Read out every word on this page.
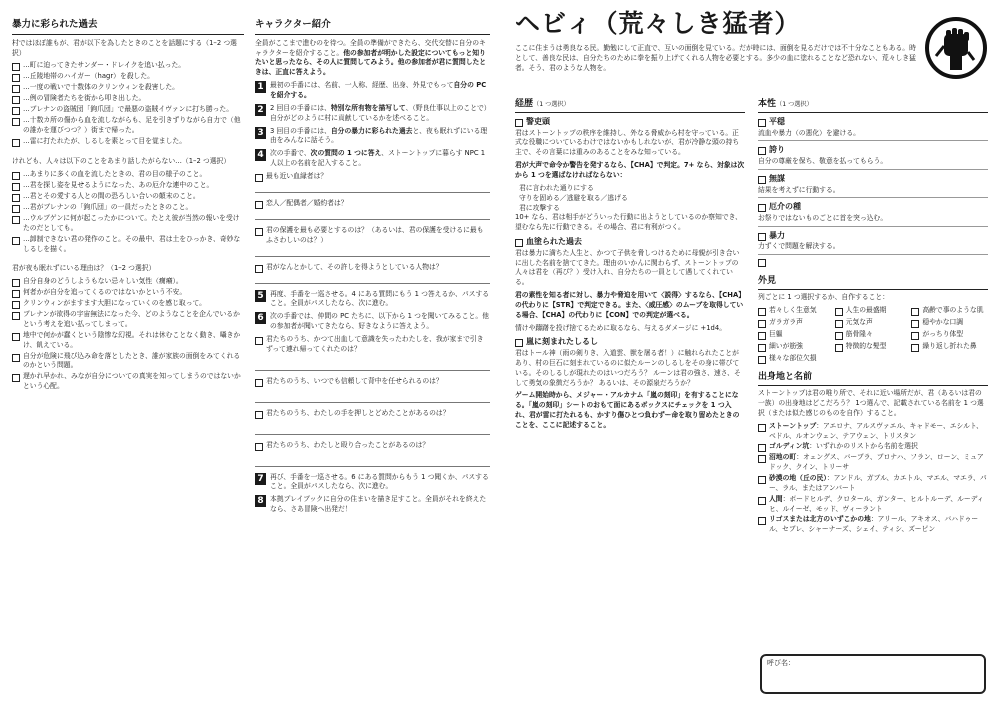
暴力に彩られた過去
村ではほぼ誰もが、君が以下を為したときのことを話題にする（1–2 つ選択）
…町に迫ってきたサンダー・ドレイクを追い払った。
…丘陵地帯のハイガー（hagr）を殺した。
…一度の戦いで十数体のクリンウィンを殺害した。
…例の冒険者たちを街から叩き出した。
…ブレナンの盗賊団「鉤爪団」で最悪の盗賊イヴァンに打ち勝った。
…十数カ所の傷から血を流しながらも、足を引きずりながら自力で（他の誰かを運びつつ？）街まで帰った。
…雷に打たれたが、しるしを素とって目を覚ました。
けれども、人々は以下のことをあまり話したがらない…（1–2 つ選択）
…あまりに多くの血を流したときの、君の目の様子のこと。
…君を探し姿を見せるようになった、あの厄介な連中のこと。
…君とその愛する人との間の恐ろしい合いの顛末のこと。
…君がブレナンの「鉤爪団」の一員だったときのこと。
…ウルブゲンに何が起こったかについて。たとえ彼が当然の報いを受けたのだとしても。
…卸制できない君の発作のこと。その最中、君は土をひっかき、奇妙なしるしを描く。
君が夜も眠れずにいる理由は？（1–2 つ選択）
自分自身のどうしようもない忌々しい気性（癇癪）。
何者かが自分を追ってくるのではないかという不安。
クリンウィンがますます大胆になっていくのを感じ取って。
ブレナンが欲得の宇宙無法になった今、どのようなことを企んでいるかという考えを追い払ってしまって。
地中で何かが蠢くという陰惨な幻視。それは休むことなく動き、囁きかけ、飢えている。
自分が危険に飛び込み命を落としたとき、誰が家族の面倒をみてくれるのかという問題。
遅かれ早かれ、みなが自分についての真実を知ってしまうのではないかという心配。
キャラクター紹介
全員がここまで進むのを待つ。全員の準備ができたら、交代交替に自分のキャラクターを紹介すること。他の参加者が明かした設定についてもっと知りたいと思ったなら、その人に質問してみよう。他の参加者が君に質問したときは、正直に答えよう。
1 最初の手番には、名前、一人称、経歴、出身、外見でもって自分の PC を紹介する。
2 2 回目の手番には、特別な所有物を描写して、（野良仕事以上のことで）自分がどのように村に貢献しているかを述べること。
3 3 回目の手番には、自分の暴力に彩られた過去と、夜も眠れずにいる理由をみんなに話そう。
4 次の手番で、次の質問の 1 つに答え、ストーントップに暮らす NPC 1 人以上の名前を記入すること。
最も近い血縁者は？
恋人／配偶者／婚約者は？
君の保護を最も必要とするのは？（あるいは、君の保護を受けるに最もふさわしいのは？）
君がなんとかして、その許しを得ようとしている人物は？
5 再度、手番を一巡させる。4 にある質問にもう 1 つ答えるか、パスすること。全員がパスしたなら、次に進む。
6 次の手番では、仲間の PC たちに、以下から 1 つを聞いてみること。他の参加者が聞いてきたなら、好きなように答えよう。
君たちのうち、かつて出血して意識を失ったわたしを、我が家まで引きずって連れ帰ってくれたのは？
君たちのうち、いつでも信頼して背中を任せられるのは？
君たちのうち、わたしの手を押しとどめたことがあるのは？
君たちのうち、わたしと殴り合ったことがあるのは？
7 再び、手番を一巡させる。6 にある質問からもう 1 つ聞くか、パスすること。全員がパスしたなら、次に進む。
8 本拠プレイブックに自分の住まいを描き足すこと。全員がそれを終えたなら、さあ冒険へ出発だ！
ヘビィ（荒々しき猛者）
ここに住まうは勇良なる民。勤勉にして正直で、互いの面倒を見ている。だが時には、面倒を見るだけでは不十分なこともある。時として、善良な民は、自分たちのために拳を振り上げてくれる人物を必要とする。多少の血に塗れることなど恐れない、荒々しき猛者。そう、君のような人物を。
経歴（1 つ選択）
警吏頭
君はストーントップの秩序を維持し、外なる脅威から村を守っている。正式な役職についているわけではないかもしれないが、君が冷静な頭の持ち主で、その言葉には重みのあることをみな知っている。
君が大声で命令か警告を発するなら、【CHA】で判定。7+ なら、対象は次から 1 つを選ばなければならない：
君に言われた通りにする
守りを固める／逃避を取る／逃げる
君に攻撃する
10+ なら、君は相手がどういった行動に出ようとしているのか察知でき、望むなら先に行動できる。その場合、君に有利がつく。
血塗られた過去
君は暴力に満ちた人生と、かつて子供を脅しつけるために母親が引き合いに出した名前を捨ててきた。理由のいかんに関わらず、ストーントップの人々は君を（再び？）受け入れ、自分たちの一員として遇してくれている。
君の素性を知る者に対し、暴力や脅迫を用いて〈説得〉するなら、【CHA】の代わりに【STR】で判定できる。また、〈威圧感〉のムーブを取得している場合、【CHA】の代わりに【CON】での判定が選べる。
情けや躊躇を投げ捨てるために取るなら、与えるダメージに +1d4。
嵐に刻まれたしるし
君はトール神（雨の剣りき、入道雲、獣を屠る者！）に触れられたことがあり、村の巨石に刻まれているのに似たルーンのしるしをその身に帯びている。そのしるしが現れたのはいつだろう？ ルーンは君の強さ、速さ、そして勇気の象徴だろうか？ あるいは、その源泉だろうか？
ゲーム開始時から、メジャー・アルカナム「嵐の刻印」を有することになる。「嵐の刻印」シートのおもて面にあるボックスにチェックを 1 つ入れ、君が雷に打たれるも、かすり傷ひとつ負わずー命を取り留めたときのことを、ここに記述すること。
本性（1 つ選択）
平穏
流血や暴力（の悪化）を避ける。
誇り
自分の尊厳を保ち、敬意を払ってもらう。
無謀
結果を考えずに行動する。
厄介の種
お祭りではないものごとに首を突っ込む。
暴力
力ずくで問題を解決する。
外見
列ごとに 1 つ選択するか、自作すること：
若々しく生意気	人生の最盛期	高齢で事のような肌
ガラガラ声	元気な声	穏やかな口調
巨軀	筋骨隆々	がっちり体型
細いが筋強	特徴的な髪型	繰り返し折れた鼻
様々な部位欠損
出身地と名前
ストーントップは君の唯り所で、それに近い場所だが、君（あるいは君の一族）の出身地はどこだろう？ 1つ選んで、記載されている名前を 1 つ選択（または似た感じのものを自作）すること。
ストーントップ：アエロナ、アルスヴァエル、キャドモー、エシルト、ベドル、ルオンウェン、テアウェン、トリスタン
ゴルディン坑：いずれかのリストから名前を選択
沼地の町：オェングス、バーブラ、ブロナハ、フラン、ローン、ミュアドック、クイン、トリーサ
砂漠の地（丘の民）：アンドル、ガブル、カエトル、マエル、マエラ、パー、ラル、またはアンバート
人間：ボードヒルデ、クロタール、ガンター、ヒルトルーデ、ルーディヒ、ルイーゼ、モッド、ヴィーラント
リゴスまたは北方のいずこかの地：アリール、アキオス、バハドゥール、セブレ、シャーナーズ、シェイ、ティシ、ズーピン
呼び名：
